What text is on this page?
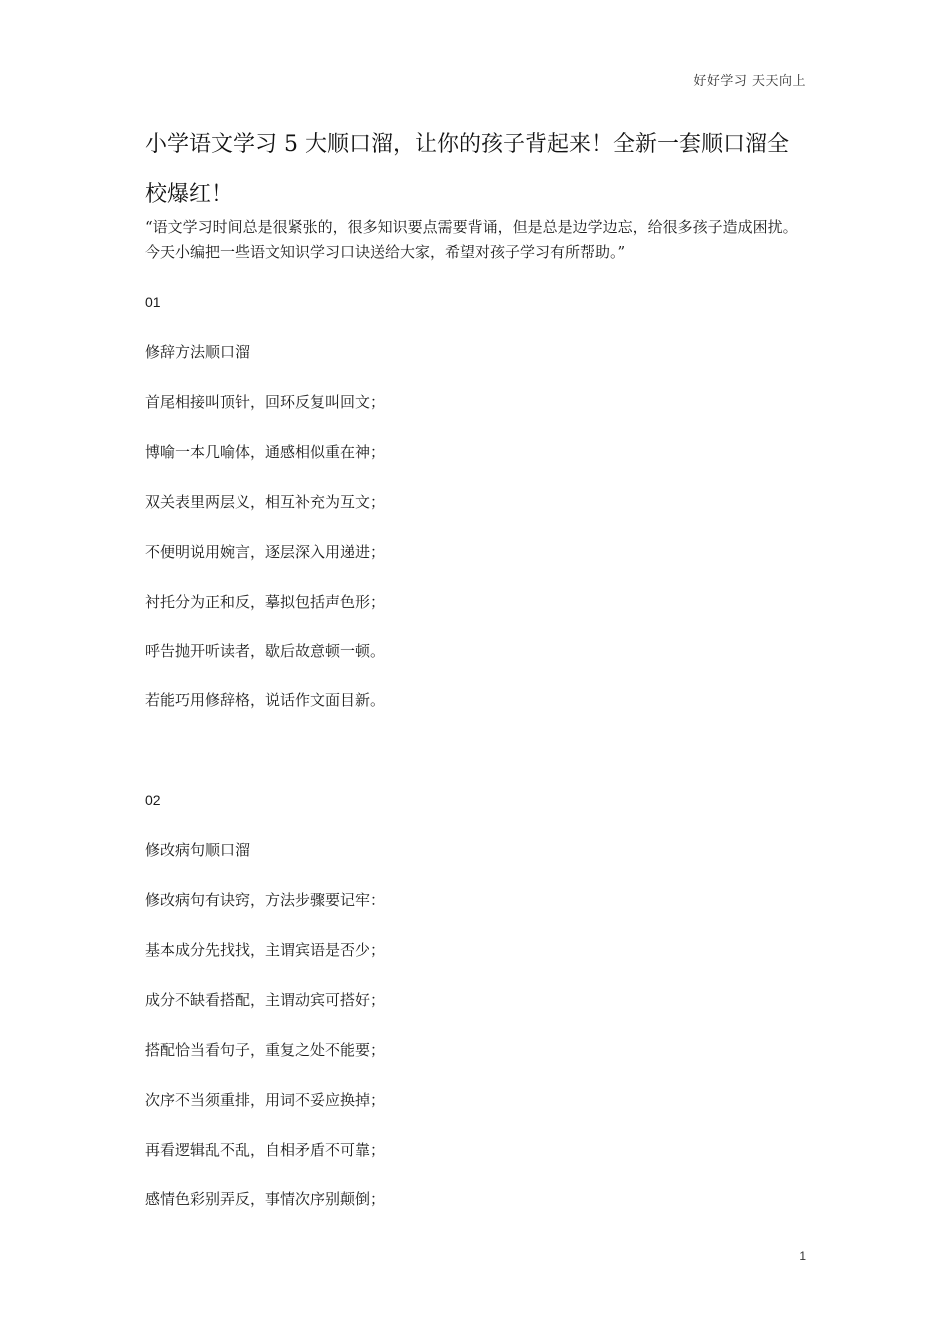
好好学习 天天向上
小学语文学习 5 大顺口溜，让你的孩子背起来！全新一套顺口溜全校爆红！

“语文学习时间总是很紧张的，很多知识要点需要背诵，但是总是边学边忘，给很多孩子造成困扰。今天小编把一些语文知识学习口诀送给大家，希望对孩子学习有所帮助。”

01

修辞方法顺口溜

首尾相接叫顶针，回环反复叫回文；

博喻一本几喻体，通感相似重在神；

双关表里两层义，相互补充为互文；

不便明说用婉言，逐层深入用递进；

衬托分为正和反，摹拟包括声色形；

呼告抛开听读者，歇后故意顿一顿。

若能巧用修辞格，说话作文面目新。

02

修改病句顺口溜

修改病句有诀窍，方法步骤要记牢：

基本成分先找找，主谓宾语是否少；

成分不缺看搭配，主谓动宾可搭好；

搭配恰当看句子，重复之处不能要；

次序不当须重排，用词不妥应换掉；

再看逻辑乱不乱，自相矛盾不可靠；

感情色彩别弄反，事情次序别颠倒；

1
